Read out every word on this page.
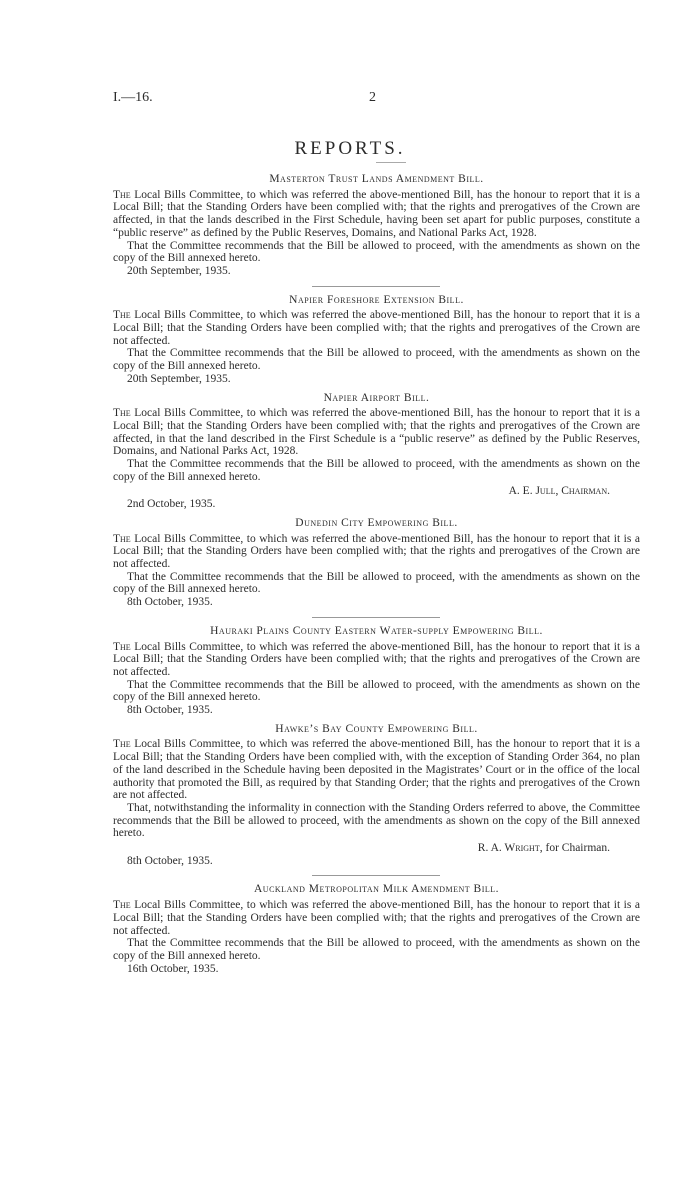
I.—16.	2
REPORTS.
Masterton Trust Lands Amendment Bill.

The Local Bills Committee, to which was referred the above-mentioned Bill, has the honour to report that it is a Local Bill; that the Standing Orders have been complied with; that the rights and prerogatives of the Crown are affected, in that the lands described in the First Schedule, having been set apart for public purposes, constitute a “public reserve” as defined by the Public Reserves, Domains, and National Parks Act, 1928.

That the Committee recommends that the Bill be allowed to proceed, with the amendments as shown on the copy of the Bill annexed hereto.

20th September, 1935.

Napier Foreshore Extension Bill.

The Local Bills Committee, to which was referred the above-mentioned Bill, has the honour to report that it is a Local Bill; that the Standing Orders have been complied with; that the rights and prerogatives of the Crown are not affected.

That the Committee recommends that the Bill be allowed to proceed, with the amendments as shown on the copy of the Bill annexed hereto.

20th September, 1935.

Napier Airport Bill.

The Local Bills Committee, to which was referred the above-mentioned Bill, has the honour to report that it is a Local Bill; that the Standing Orders have been complied with; that the rights and prerogatives of the Crown are affected, in that the land described in the First Schedule is a “public reserve” as defined by the Public Reserves, Domains, and National Parks Act, 1928.

That the Committee recommends that the Bill be allowed to proceed, with the amendments as shown on the copy of the Bill annexed hereto.

A. E. Jull, Chairman.

2nd October, 1935.

Dunedin City Empowering Bill.

The Local Bills Committee, to which was referred the above-mentioned Bill, has the honour to report that it is a Local Bill; that the Standing Orders have been complied with; that the rights and prerogatives of the Crown are not affected.

That the Committee recommends that the Bill be allowed to proceed, with the amendments as shown on the copy of the Bill annexed hereto.

8th October, 1935.

Hauraki Plains County Eastern Water-supply Empowering Bill.

The Local Bills Committee, to which was referred the above-mentioned Bill, has the honour to report that it is a Local Bill; that the Standing Orders have been complied with; that the rights and prerogatives of the Crown are not affected.

That the Committee recommends that the Bill be allowed to proceed, with the amendments as shown on the copy of the Bill annexed hereto.

8th October, 1935.

Hawke’s Bay County Empowering Bill.

The Local Bills Committee, to which was referred the above-mentioned Bill, has the honour to report that it is a Local Bill; that the Standing Orders have been complied with, with the exception of Standing Order 364, no plan of the land described in the Schedule having been deposited in the Magistrates’ Court or in the office of the local authority that promoted the Bill, as required by that Standing Order; that the rights and prerogatives of the Crown are not affected.

That, notwithstanding the informality in connection with the Standing Orders referred to above, the Committee recommends that the Bill be allowed to proceed, with the amendments as shown on the copy of the Bill annexed hereto.

R. A. Wright, for Chairman.

8th October, 1935.

Auckland Metropolitan Milk Amendment Bill.

The Local Bills Committee, to which was referred the above-mentioned Bill, has the honour to report that it is a Local Bill; that the Standing Orders have been complied with; that the rights and prerogatives of the Crown are not affected.

That the Committee recommends that the Bill be allowed to proceed, with the amendments as shown on the copy of the Bill annexed hereto.

16th October, 1935.
